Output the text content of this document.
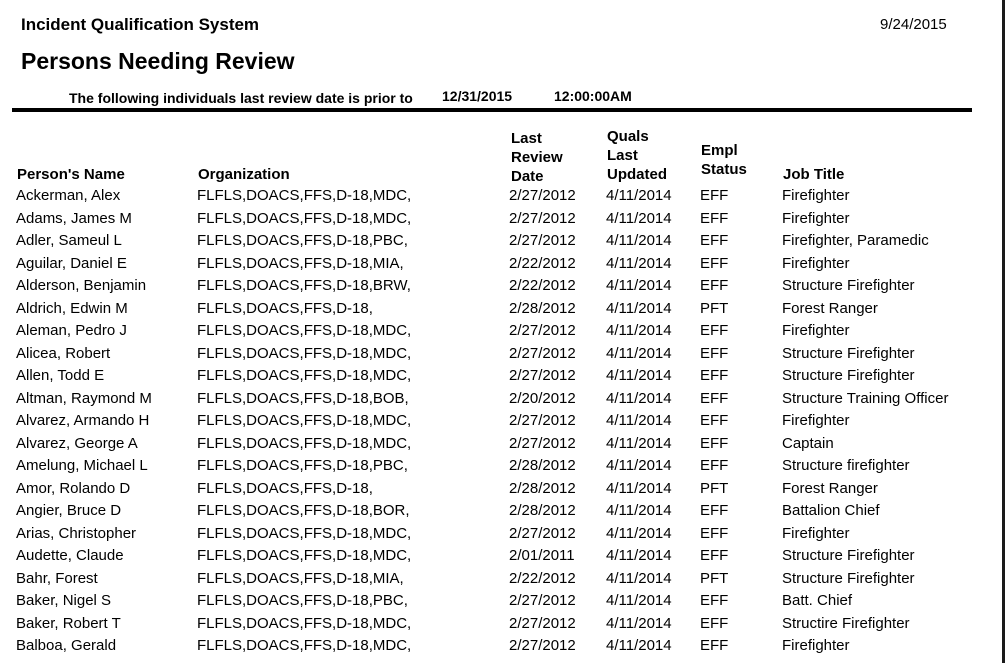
Incident Qualification System	9/24/2015
Persons Needing Review
The following individuals last review date is prior to 12/31/2015	12:00:00AM
Person's Name	Organization
Last Review Date
Quals Last Updated
Empl Status	Job Title
Ackerman, Alex	FLFLS,DOACS,FFS,D-18,MDC,	2/27/2012 4/11/2014 EFF	Firefighter
Adams, James M	FLFLS,DOACS,FFS,D-18,MDC,	2/27/2012 4/11/2014 EFF	Firefighter
Adler, Sameul L	FLFLS,DOACS,FFS,D-18,PBC,	2/27/2012 4/11/2014 EFF	Firefighter, Paramedic
Aguilar, Daniel E	FLFLS,DOACS,FFS,D-18,MIA,	2/22/2012 4/11/2014 EFF	Firefighter
Alderson, Benjamin	FLFLS,DOACS,FFS,D-18,BRW,	2/22/2012 4/11/2014 EFF	Structure Firefighter
Aldrich, Edwin M	FLFLS,DOACS,FFS,D-18,	2/28/2012 4/11/2014 PFT	Forest Ranger
Aleman, Pedro J	FLFLS,DOACS,FFS,D-18,MDC,	2/27/2012 4/11/2014 EFF	Firefighter
Alicea, Robert	FLFLS,DOACS,FFS,D-18,MDC,	2/27/2012 4/11/2014 EFF	Structure Firefighter
Allen, Todd E	FLFLS,DOACS,FFS,D-18,MDC,	2/27/2012 4/11/2014 EFF	Structure Firefighter
Altman, Raymond M	FLFLS,DOACS,FFS,D-18,BOB,	2/20/2012 4/11/2014 EFF	Structure Training Officer
Alvarez, Armando H	FLFLS,DOACS,FFS,D-18,MDC,	2/27/2012 4/11/2014 EFF	Firefighter
Alvarez, George A	FLFLS,DOACS,FFS,D-18,MDC,	2/27/2012 4/11/2014 EFF	Captain
Amelung, Michael L	FLFLS,DOACS,FFS,D-18,PBC,	2/28/2012 4/11/2014 EFF	Structure firefighter
Amor, Rolando D	FLFLS,DOACS,FFS,D-18,	2/28/2012 4/11/2014 PFT	Forest Ranger
Angier, Bruce D	FLFLS,DOACS,FFS,D-18,BOR,	2/28/2012 4/11/2014 EFF	Battalion Chief
Arias, Christopher	FLFLS,DOACS,FFS,D-18,MDC,	2/27/2012 4/11/2014 EFF	Firefighter
Audette, Claude	FLFLS,DOACS,FFS,D-18,MDC,	2/01/2011 4/11/2014 EFF	Structure Firefighter
Bahr, Forest	FLFLS,DOACS,FFS,D-18,MIA,	2/22/2012 4/11/2014 PFT	Structure Firefighter
Baker, Nigel S	FLFLS,DOACS,FFS,D-18,PBC,	2/27/2012 4/11/2014 EFF	Batt. Chief
Baker, Robert T	FLFLS,DOACS,FFS,D-18,MDC,	2/27/2012 4/11/2014 EFF	Structire Firefighter
Balboa, Gerald	FLFLS,DOACS,FFS,D-18,MDC,	2/27/2012 4/11/2014 EFF	Firefighter
